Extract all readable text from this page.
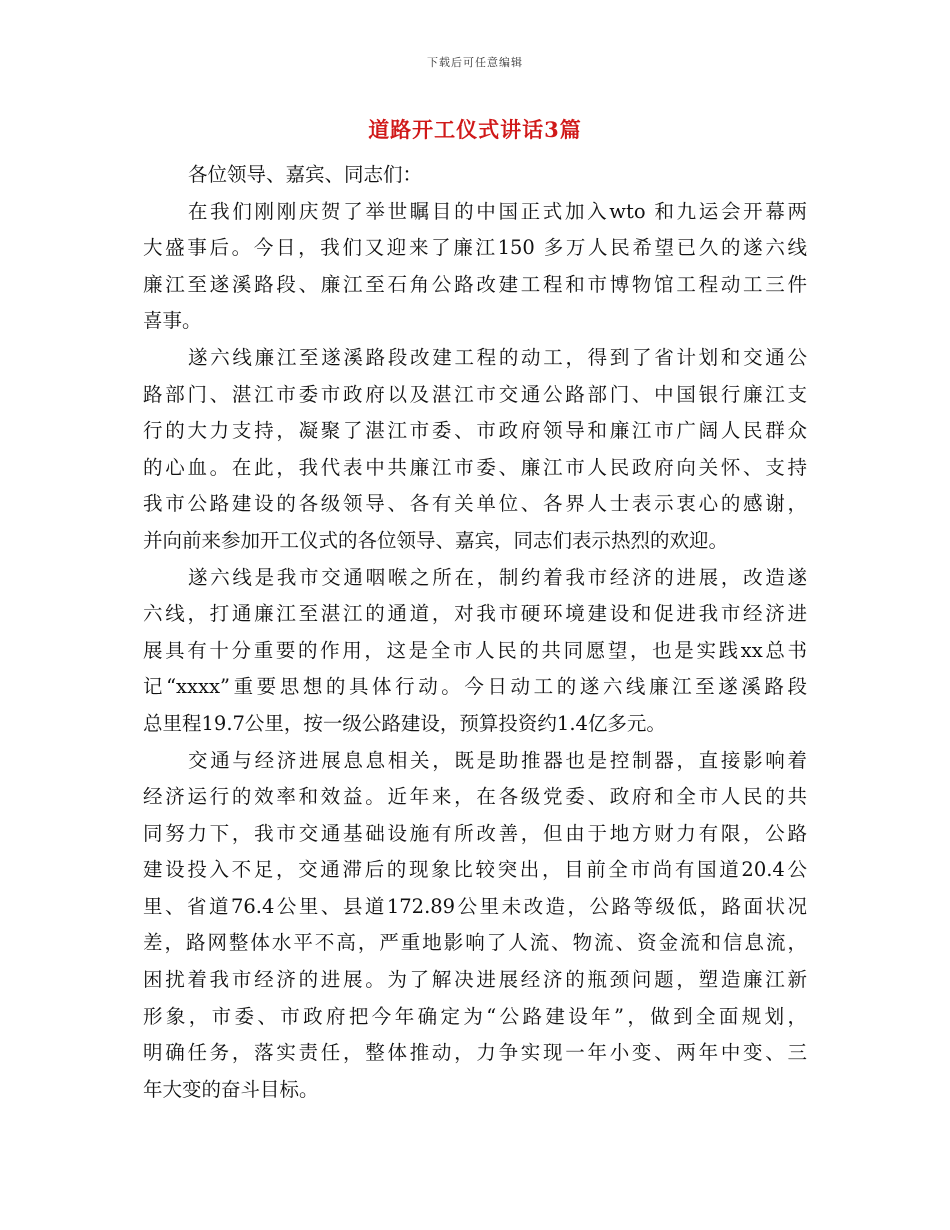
下载后可任意编辑
道路开工仪式讲话3篇
各位领导、嘉宾、同志们：
在我们刚刚庆贺了举世瞩目的中国正式加入wto 和九运会开幕两
大盛事后。今日，我们又迎来了廉江150 多万人民希望已久的遂六线
廉江至遂溪路段、廉江至石角公路改建工程和市博物馆工程动工三件
喜事。
遂六线廉江至遂溪路段改建工程的动工，得到了省计划和交通公
路部门、湛江市委市政府以及湛江市交通公路部门、中国银行廉江支
行的大力支持，凝聚了湛江市委、市政府领导和廉江市广阔人民群众
的心血。在此，我代表中共廉江市委、廉江市人民政府向关怀、支持
我市公路建设的各级领导、各有关单位、各界人士表示衷心的感谢，
并向前来参加开工仪式的各位领导、嘉宾，同志们表示热烈的欢迎。
遂六线是我市交通咽喉之所在，制约着我市经济的进展，改造遂
六线，打通廉江至湛江的通道，对我市硬环境建设和促进我市经济进
展具有十分重要的作用，这是全市人民的共同愿望，也是实践xx总书
记“xxxx”重要思想的具体行动。今日动工的遂六线廉江至遂溪路段
总里程19.7公里，按一级公路建设，预算投资约1.4亿多元。
交通与经济进展息息相关，既是助推器也是控制器，直接影响着
经济运行的效率和效益。近年来，在各级党委、政府和全市人民的共
同努力下，我市交通基础设施有所改善，但由于地方财力有限，公路
建设投入不足，交通滞后的现象比较突出，目前全市尚有国道20.4公
里、省道76.4公里、县道172.89公里未改造，公路等级低，路面状况
差，路网整体水平不高，严重地影响了人流、物流、资金流和信息流，
困扰着我市经济的进展。为了解决进展经济的瓶颈问题，塑造廉江新
形象，市委、市政府把今年确定为“公路建设年”，做到全面规划，
明确任务，落实责任，整体推动，力争实现一年小变、两年中变、三
年大变的奋斗目标。
